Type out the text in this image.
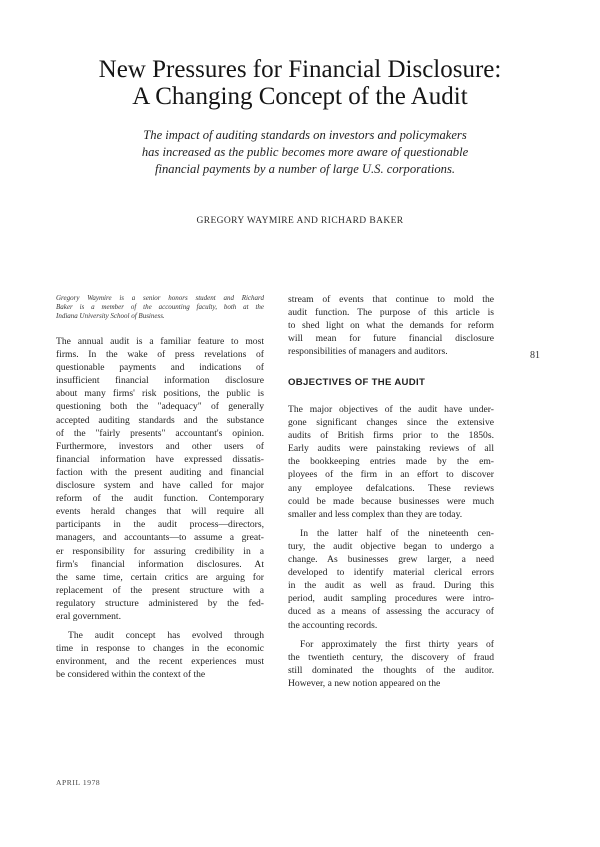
New Pressures for Financial Disclosure:
A Changing Concept of the Audit
The impact of auditing standards on investors and policymakers
has increased as the public becomes more aware of questionable
financial payments by a number of large U.S. corporations.
GREGORY WAYMIRE AND RICHARD BAKER
Gregory Waymire is a senior honors student and Richard
Baker is a member of the accounting faculty, both at the
Indiana University School of Business.
The annual audit is a familiar feature to most
firms. In the wake of press revelations of
questionable payments and indications of
insufficient financial information disclosure
about many firms' risk positions, the public is
questioning both the "adequacy" of generally
accepted auditing standards and the substance
of the "fairly presents" accountant's opinion.
Furthermore, investors and other users of
financial information have expressed dissatis-
faction with the present auditing and financial
disclosure system and have called for major
reform of the audit function. Contemporary
events herald changes that will require all
participants in the audit process—directors,
managers, and accountants—to assume a great-
er responsibility for assuring credibility in a
firm's financial information disclosures. At
the same time, certain critics are arguing for
replacement of the present structure with a
regulatory structure administered by the fed-
eral government.
The audit concept has evolved through
time in response to changes in the economic
environment, and the recent experiences must
be considered within the context of the
stream of events that continue to mold the
audit function. The purpose of this article is
to shed light on what the demands for reform
will mean for future financial disclosure
responsibilities of managers and auditors.
OBJECTIVES OF THE AUDIT
The major objectives of the audit have under-
gone significant changes since the extensive
audits of British firms prior to the 1850s.
Early audits were painstaking reviews of all
the bookkeeping entries made by the em-
ployees of the firm in an effort to discover
any employee defalcations. These reviews
could be made because businesses were much
smaller and less complex than they are today.
In the latter half of the nineteenth cen-
tury, the audit objective began to undergo a
change. As businesses grew larger, a need
developed to identify material clerical errors
in the audit as well as fraud. During this
period, audit sampling procedures were intro-
duced as a means of assessing the accuracy of
the accounting records.
For approximately the first thirty years of
the twentieth century, the discovery of fraud
still dominated the thoughts of the auditor.
However, a new notion appeared on the
81
APRIL 1978
